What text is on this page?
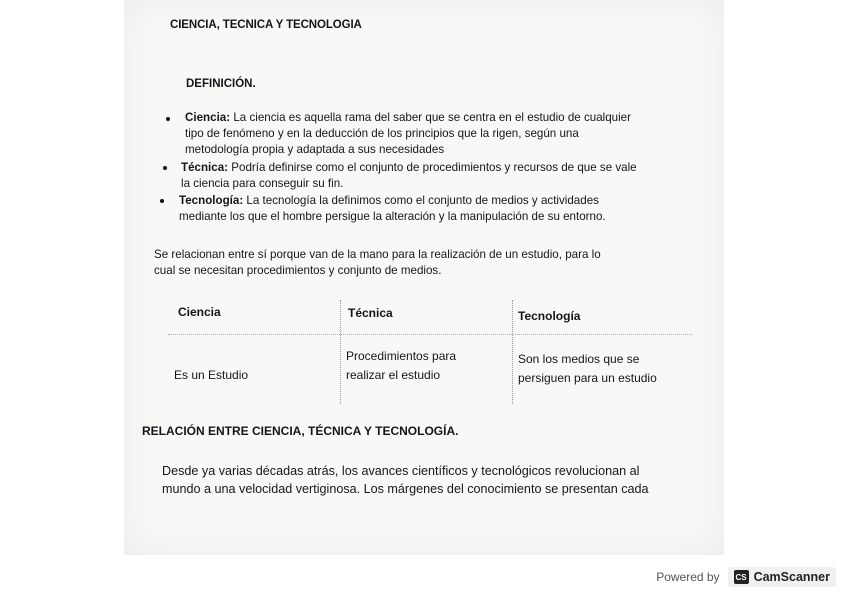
CIENCIA, TECNICA Y TECNOLOGIA
DEFINICIÓN.
Ciencia: La ciencia es aquella rama del saber que se centra en el estudio de cualquier
tipo de fenómeno y en la deducción de los principios que la rigen, según una
metodología propia y adaptada a sus necesidades
Técnica: Podría definirse como el conjunto de procedimientos y recursos de que se vale
la ciencia para conseguir su fin.
Tecnología: La tecnología la definimos como el conjunto de medios y actividades
mediante los que el hombre persigue la alteración y la manipulación de su entorno.
Se relacionan entre sí porque van de la mano para la realización de un estudio, para lo
cual se necesitan procedimientos y conjunto de medios.
Ciencia	Técnica	Tecnología
Es un Estudio
Procedimientos para
realizar el estudio
Son los medios que se
persiguen para un estudio
RELACIÓN ENTRE CIENCIA, TÉCNICA Y TECNOLOGÍA.
Desde ya varias décadas atrás, los avances científicos y tecnológicos revolucionan al
mundo a una velocidad vertiginosa. Los márgenes del conocimiento se presentan cada
Powered by CS CamScanner
